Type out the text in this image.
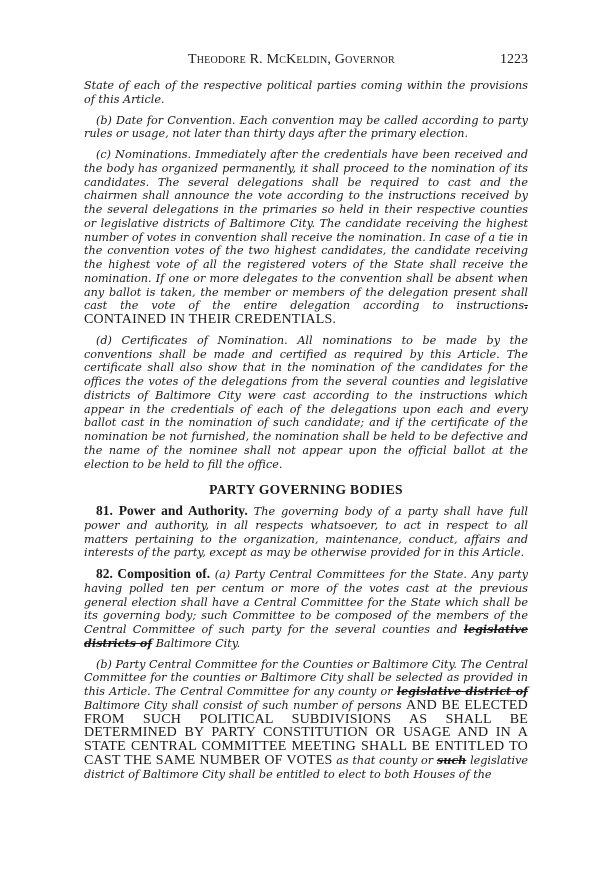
Theodore R. McKeldin, Governor	1223

State of each of the respective political parties coming within the provisions of this Article.

(b) Date for Convention. Each convention may be called according to party rules or usage, not later than thirty days after the primary election.

(c) Nominations. Immediately after the credentials have been received and the body has organized permanently, it shall proceed to the nomination of its candidates. The several delegations shall be required to cast and the chairmen shall announce the vote according to the instructions received by the several delegations in the primaries so held in their respective counties or legislative districts of Baltimore City. The candidate receiving the highest number of votes in convention shall receive the nomination. In case of a tie in the convention votes of the two highest candidates, the candidate receiving the highest vote of all the registered voters of the State shall receive the nomination. If one or more delegates to the convention shall be absent when any ballot is taken, the member or members of the delegation present shall cast the vote of the entire delegation according to instructions. CONTAINED IN THEIR CREDENTIALS.

(d) Certificates of Nomination. All nominations to be made by the conventions shall be made and certified as required by this Article. The certificate shall also show that in the nomination of the candidates for the offices the votes of the delegations from the several counties and legislative districts of Baltimore City were cast according to the instructions which appear in the credentials of each of the delegations upon each and every ballot cast in the nomination of such candidate; and if the certificate of the nomination be not furnished, the nomination shall be held to be defective and the name of the nominee shall not appear upon the official ballot at the election to be held to fill the office.

PARTY GOVERNING BODIES

81. Power and Authority. The governing body of a party shall have full power and authority, in all respects whatsoever, to act in respect to all matters pertaining to the organization, maintenance, conduct, affairs and interests of the party, except as may be otherwise provided for in this Article.

82. Composition of. (a) Party Central Committees for the State. Any party having polled ten per centum or more of the votes cast at the previous general election shall have a Central Committee for the State which shall be its governing body; such Committee to be composed of the members of the Central Committee of such party for the several counties and legislative districts of Baltimore City.

(b) Party Central Committee for the Counties or Baltimore City. The Central Committee for the counties or Baltimore City shall be selected as provided in this Article. The Central Committee for any county or legislative district of Baltimore City shall consist of such number of persons AND BE ELECTED FROM SUCH POLITICAL SUBDIVISIONS AS SHALL BE DETERMINED BY PARTY CONSTITUTION OR USAGE AND IN A STATE CENTRAL COMMITTEE MEETING SHALL BE ENTITLED TO CAST THE SAME NUMBER OF VOTES as that county or such legislative district of Baltimore City shall be entitled to elect to both Houses of the
